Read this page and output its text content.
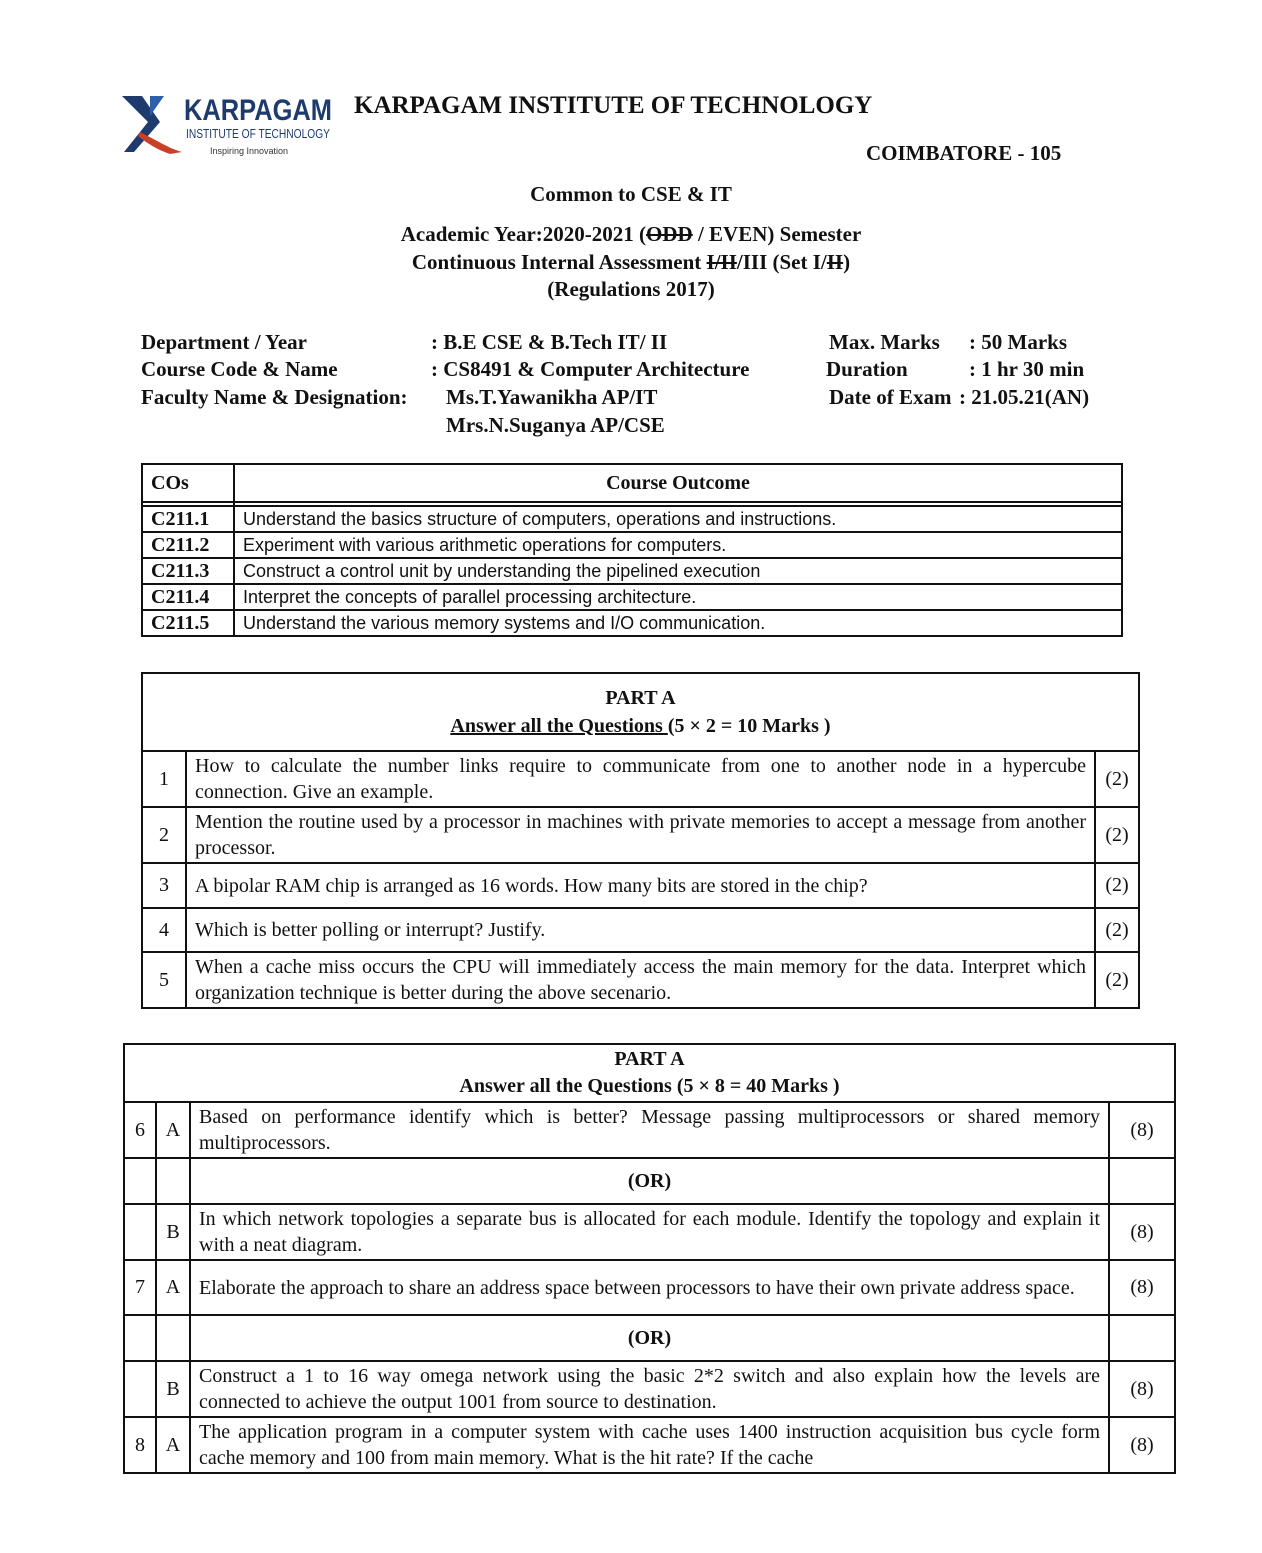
KARPAGAM
INSTITUTE OF TECHNOLOGY
Inspiring Innovation
KARPAGAM INSTITUTE OF TECHNOLOGY
COIMBATORE - 105
Common to CSE & IT
Academic Year:2020-2021 (ODD / EVEN) Semester
Continuous Internal Assessment I/II/III (Set I/II)
(Regulations 2017)
Department / Year	: B.E CSE & B.Tech IT/ II
Course Code & Name	: CS8491 & Computer Architecture
Faculty Name & Designation: Ms.T.Yawanikha AP/IT
Mrs.N.Suganya AP/CSE
Max. Marks : 50 Marks
Duration	: 1 hr 30 min
Date of Exam : 21.05.21(AN)
COs	Course Outcome

C211.1	Understand the basics structure of computers, operations and instructions.
C211.2	Experiment with various arithmetic operations for computers.
C211.3	Construct a control unit by understanding the pipelined execution
C211.4	Interpret the concepts of parallel processing architecture.
C211.5	Understand the various memory systems and I/O communication.
PART A
Answer all the Questions (5 × 2 = 10 Marks )		

1	How to calculate the number links require to communicate from one to another node in a hypercube connection. Give an example.	(2)
2	Mention the routine used by a processor in machines with private memories to accept a message from another processor.	(2)
3	A bipolar RAM chip is arranged as 16 words. How many bits are stored in the chip?	(2)
4	Which is better polling or interrupt? Justify.	(2)
5	When a cache miss occurs the CPU will immediately access the main memory for the data. Interpret which organization technique is better during the above secenario.	(2)
PART A
Answer all the Questions (5 × 8 = 40 Marks )			

6	A	Based on performance identify which is better? Message passing multiprocessors or shared memory multiprocessors.	(8)
		(OR)	
	B	In which network topologies a separate bus is allocated for each module. Identify the topology and explain it with a neat diagram.	(8)
7	A	Elaborate the approach to share an address space between processors to have their own private address space.	(8)
		(OR)	
	B	Construct a 1 to 16 way omega network using the basic 2*2 switch and also explain how the levels are connected to achieve the output 1001 from source to destination.	(8)
8	A	The application program in a computer system with cache uses 1400 instruction acquisition bus cycle form cache memory and 100 from main memory. What is the hit rate? If the cache	(8)
